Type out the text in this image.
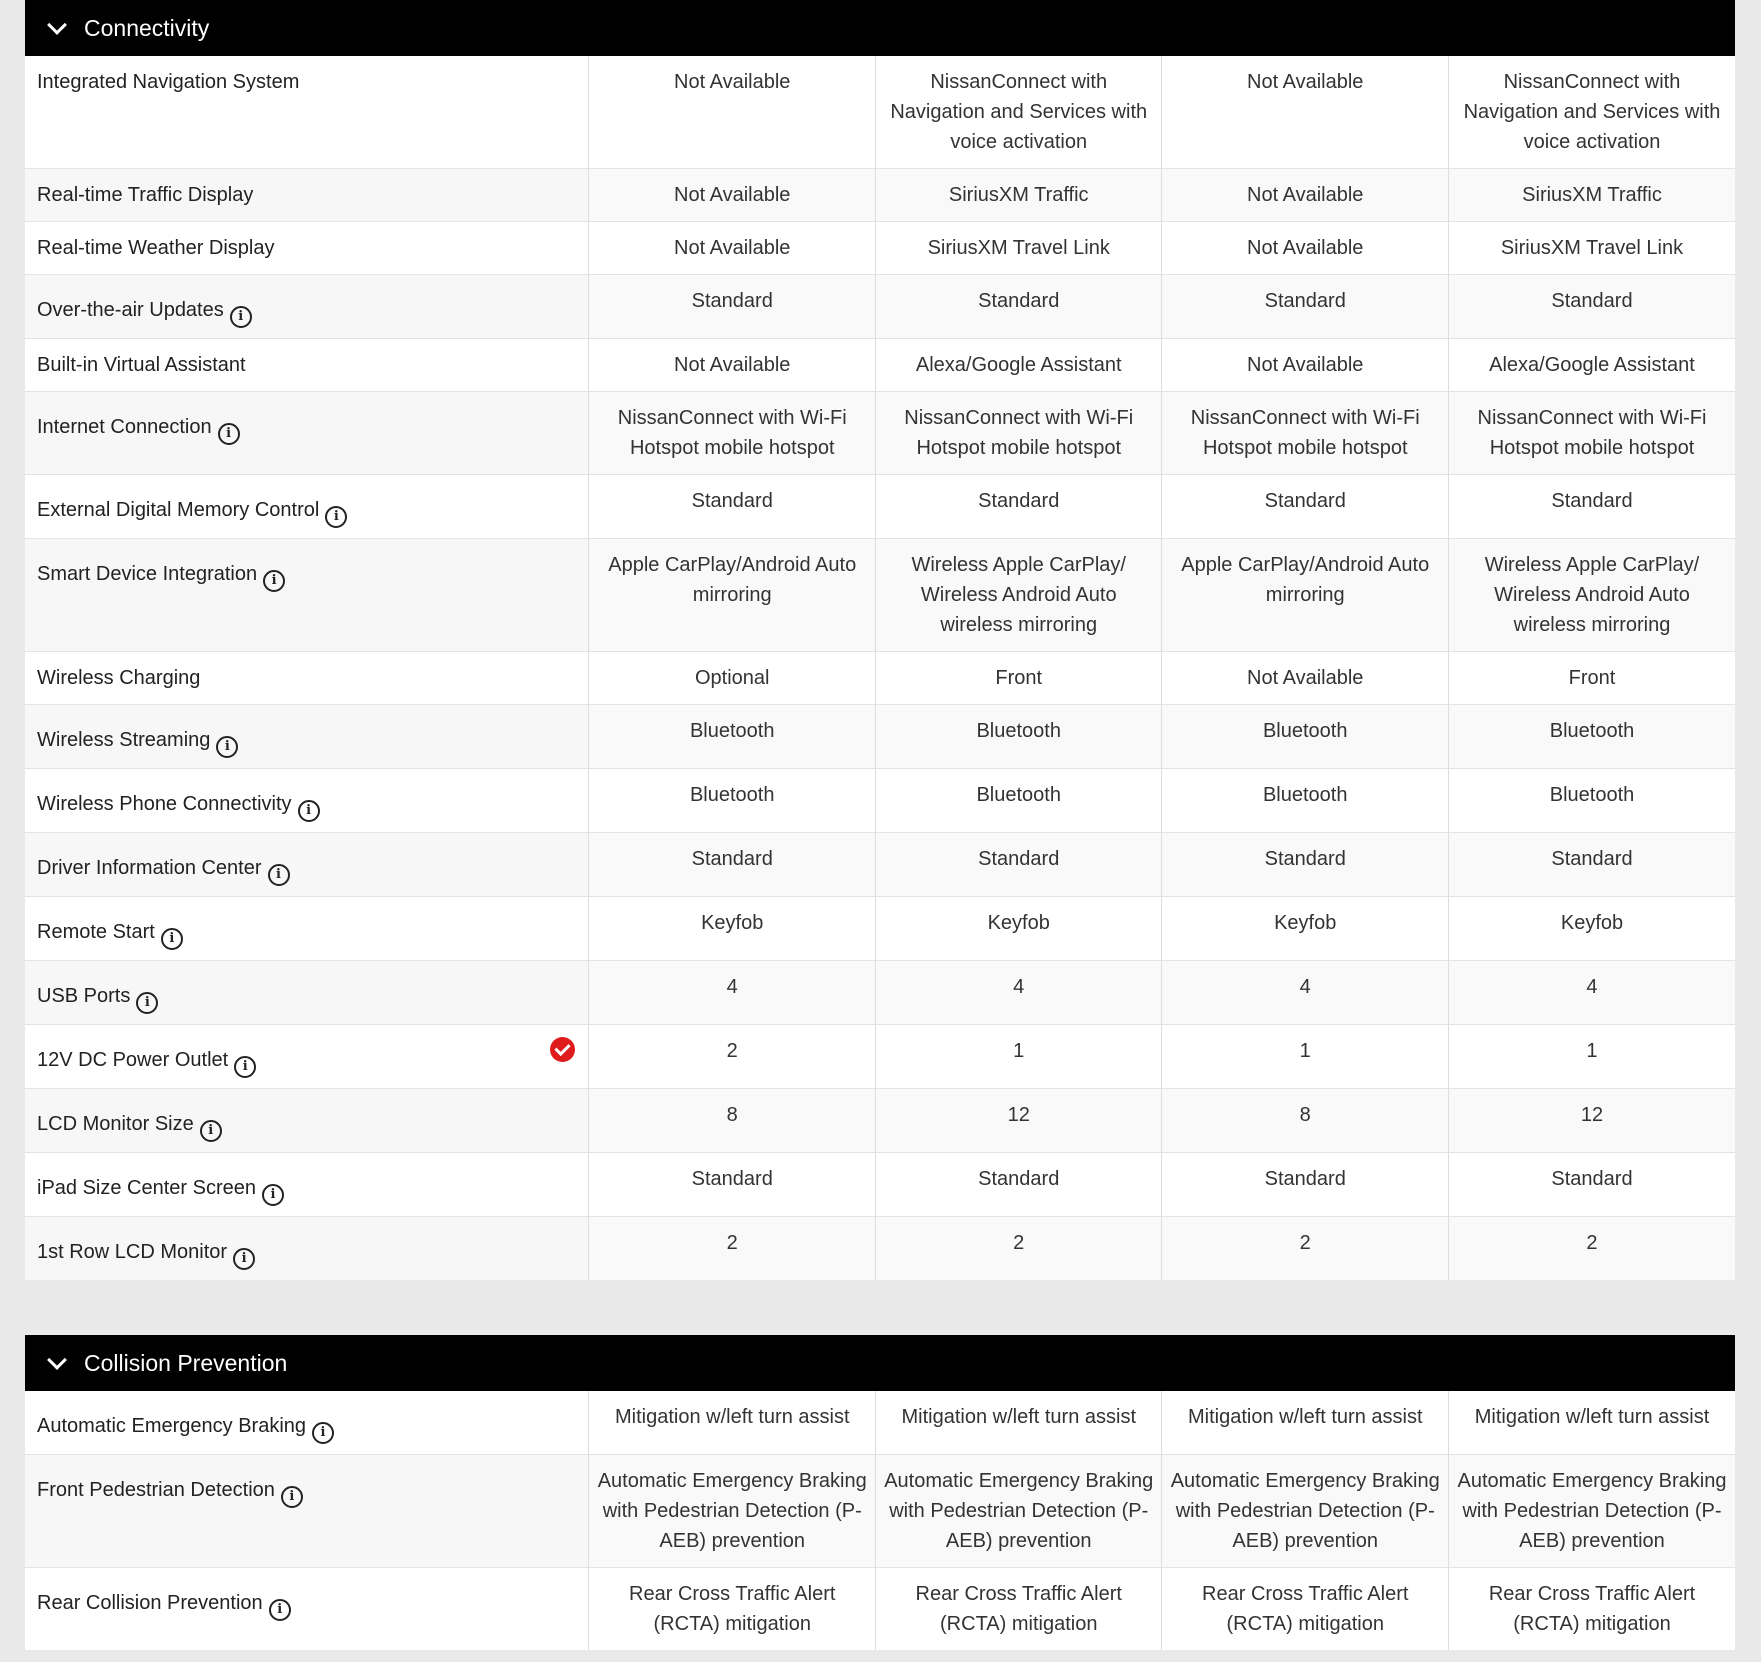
Connectivity
Integrated Navigation System	Not Available	NissanConnect with Navigation and Services with voice activation	Not Available	NissanConnect with Navigation and Services with voice activation
Real-time Traffic Display	Not Available	SiriusXM Traffic	Not Available	SiriusXM Traffic
Real-time Weather Display	Not Available	SiriusXM Travel Link	Not Available	SiriusXM Travel Link
Over-the-air Updates i	Standard	Standard	Standard	Standard
Built-in Virtual Assistant	Not Available	Alexa/Google Assistant	Not Available	Alexa/Google Assistant
Internet Connection i	NissanConnect with Wi-Fi Hotspot mobile hotspot	NissanConnect with Wi-Fi Hotspot mobile hotspot	NissanConnect with Wi-Fi Hotspot mobile hotspot	NissanConnect with Wi-Fi Hotspot mobile hotspot
External Digital Memory Control i	Standard	Standard	Standard	Standard
Smart Device Integration i	Apple CarPlay/Android Auto mirroring	Wireless Apple CarPlay/ Wireless Android Auto wireless mirroring	Apple CarPlay/Android Auto mirroring	Wireless Apple CarPlay/ Wireless Android Auto wireless mirroring
Wireless Charging	Optional	Front	Not Available	Front
Wireless Streaming i	Bluetooth	Bluetooth	Bluetooth	Bluetooth
Wireless Phone Connectivity i	Bluetooth	Bluetooth	Bluetooth	Bluetooth
Driver Information Center i	Standard	Standard	Standard	Standard
Remote Start i	Keyfob	Keyfob	Keyfob	Keyfob
USB Ports i	4	4	4	4
12V DC Power Outlet i	2	1	1	1
LCD Monitor Size i	8	12	8	12
iPad Size Center Screen i	Standard	Standard	Standard	Standard
1st Row LCD Monitor i	2	2	2	2
Collision Prevention
Automatic Emergency Braking i	Mitigation w/left turn assist	Mitigation w/left turn assist	Mitigation w/left turn assist	Mitigation w/left turn assist
Front Pedestrian Detection i	Automatic Emergency Braking with Pedestrian Detection (P-AEB) prevention	Automatic Emergency Braking with Pedestrian Detection (P-AEB) prevention	Automatic Emergency Braking with Pedestrian Detection (P-AEB) prevention	Automatic Emergency Braking with Pedestrian Detection (P-AEB) prevention
Rear Collision Prevention i	Rear Cross Traffic Alert (RCTA) mitigation	Rear Cross Traffic Alert (RCTA) mitigation	Rear Cross Traffic Alert (RCTA) mitigation	Rear Cross Traffic Alert (RCTA) mitigation
